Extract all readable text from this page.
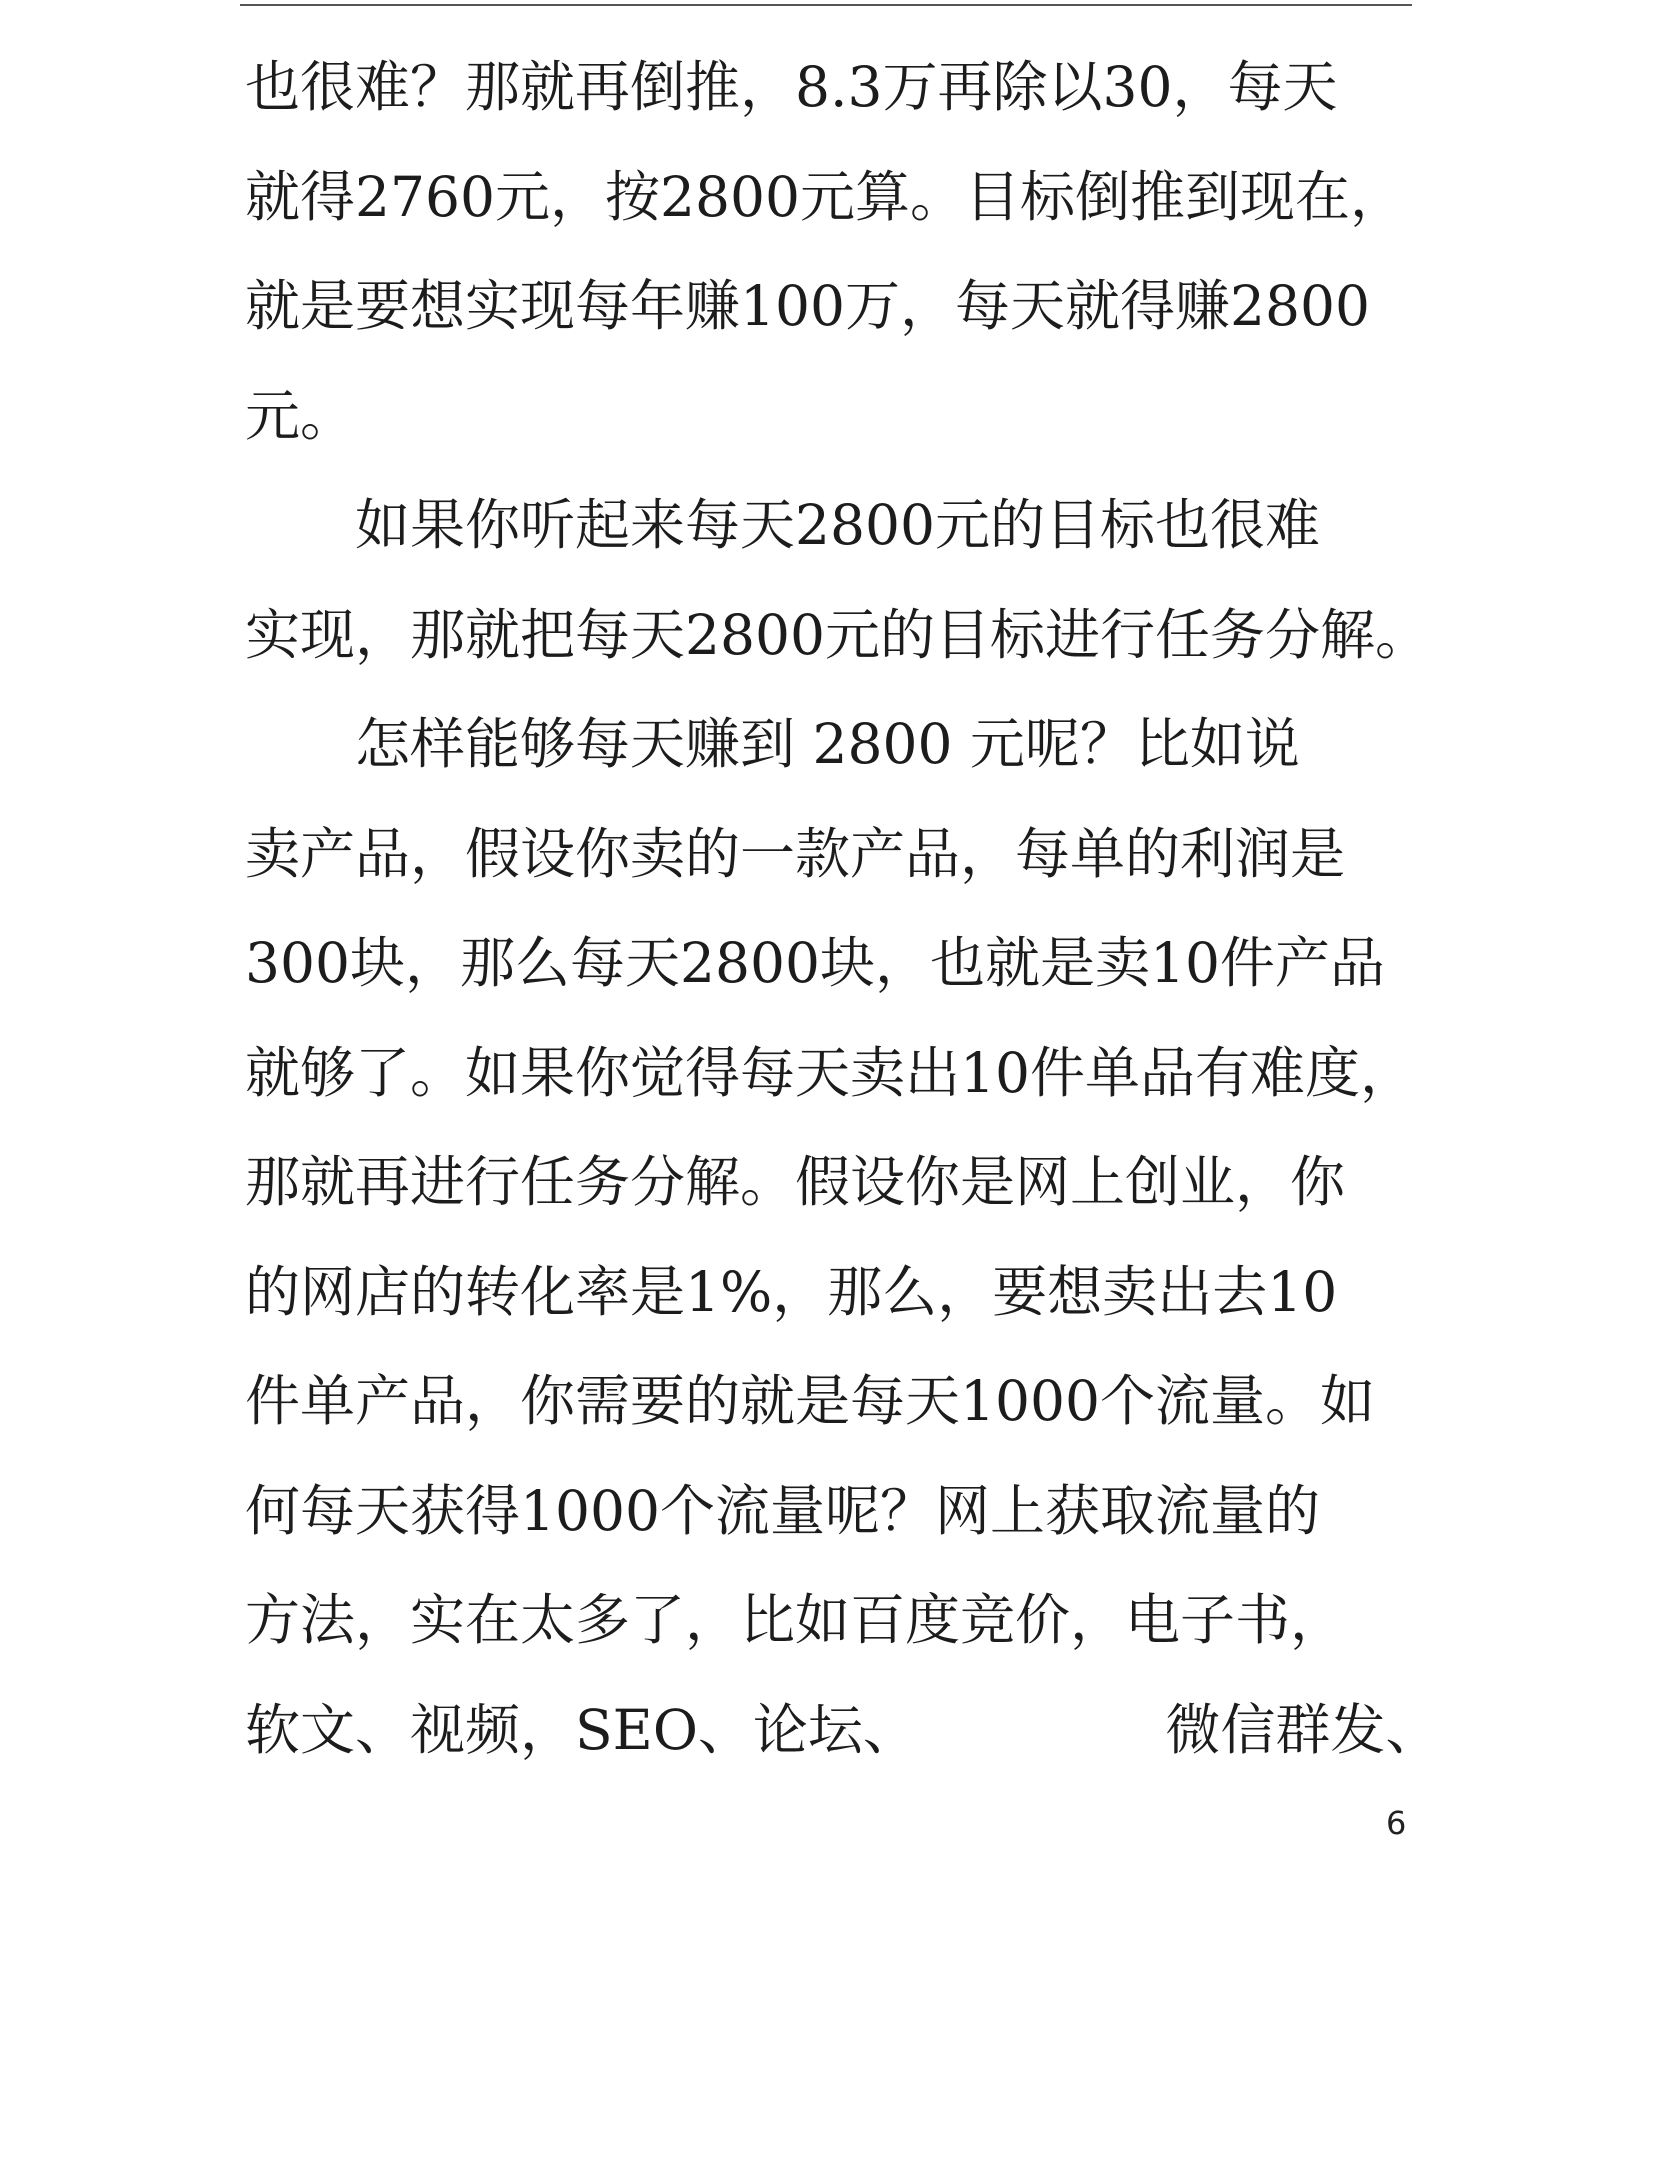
也很难？那就再倒推，8.3万再除以30，每天
就得2760元，按2800元算。目标倒推到现在，
就是要想实现每年赚100万，每天就得赚2800
元。
　　如果你听起来每天2800元的目标也很难
实现，那就把每天2800元的目标进行任务分解。
　　怎样能够每天赚到 2800 元呢？比如说
卖产品，假设你卖的一款产品，每单的利润是
300块，那么每天2800块，也就是卖10件产品
就够了。如果你觉得每天卖出10件单品有难度，
那就再进行任务分解。假设你是网上创业，你
的网店的转化率是1%，那么，要想卖出去10
件单产品，你需要的就是每天1000个流量。如
何每天获得1000个流量呢？网上获取流量的
方法，实在太多了，比如百度竞价，电子书，
软文、视频，SEO、论坛、　　　　　微信群发、
6
